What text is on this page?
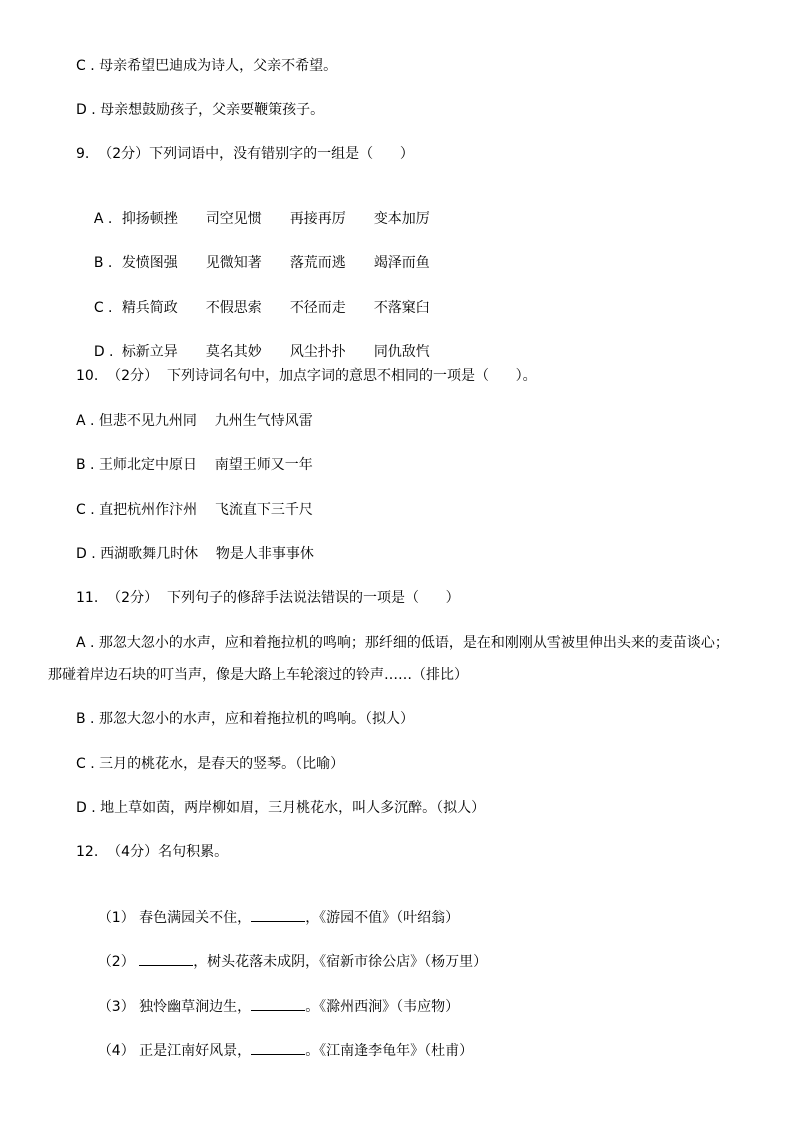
C . 母亲希望巴迪成为诗人，父亲不希望。
D . 母亲想鼓励孩子，父亲要鞭策孩子。
9.  （2分）下列词语中，没有错别字的一组是（      ）

A . 抑扬顿挫 司空见惯 再接再厉 变本加厉

B . 发愤图强 见微知著 落荒而逃 竭泽而鱼

C . 精兵简政 不假思索 不径而走 不落窠臼

D . 标新立异 莫名其妙 风尘扑扑 同仇敌忾

10.  （2分）  下列诗词名句中，加点字词的意思不相同的一项是（      ）。
A . 但悲不见九州同    九州生气恃风雷
B . 王师北定中原日    南望王师又一年
C . 直把杭州作汴州    飞流直下三千尺
D . 西湖歌舞几时休    物是人非事事休
11.  （2分）  下列句子的修辞手法说法错误的一项是（      ）
A . 那忽大忽小的水声，应和着拖拉机的鸣响；那纤细的低语，是在和刚刚从雪被里伸出头来的麦苗谈心；
那碰着岸边石块的叮当声，像是大路上车轮滚过的铃声……（排比）
B . 那忽大忽小的水声，应和着拖拉机的鸣响。（拟人）
C . 三月的桃花水，是春天的竖琴。（比喻）
D . 地上草如茵，两岸柳如眉，三月桃花水，叫人多沉醉。（拟人）
12.  （4分）名句积累。

（1） 春色满园关不住，	，《游园不值》（叶绍翁）

（2）	，树头花落未成阴，《宿新市徐公店》（杨万里）

（3） 独怜幽草涧边生，	。《滁州西涧》（韦应物）

（4） 正是江南好风景，	。《江南逢李龟年》（杜甫）
